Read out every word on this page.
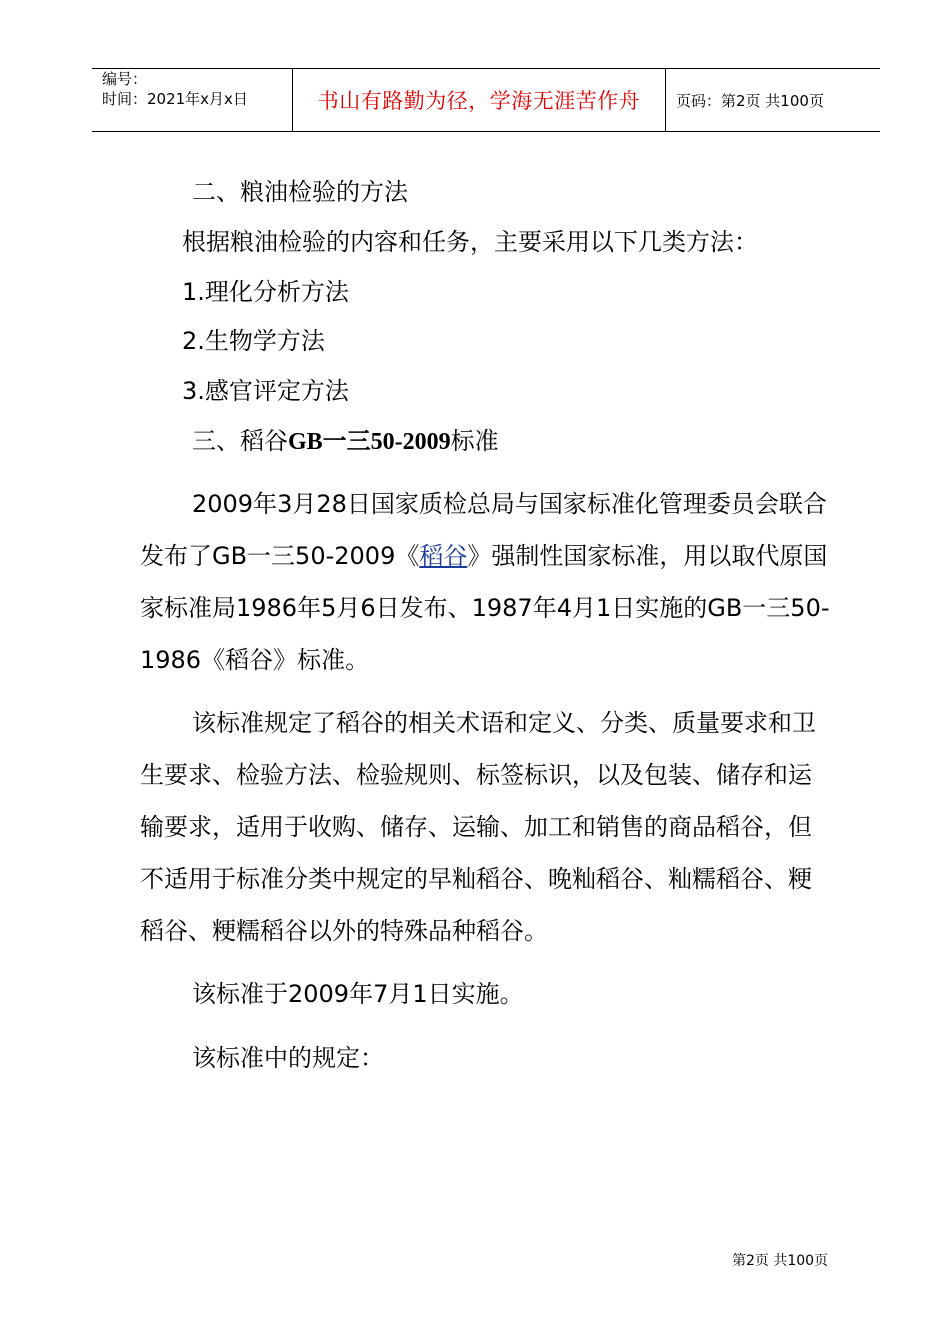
编号：
时间：2021年x月x日	书山有路勤为径，学海无涯苦作舟	页码：第2页 共100页
二、粮油检验的方法
根据粮油检验的内容和任务，主要采用以下几类方法：
1.理化分析方法
2.生物学方法
3.感官评定方法
三、稻谷GB一三50-2009标准
2009年3月28日国家质检总局与国家标准化管理委员会联合
发布了GB一三50-2009《稻谷》强制性国家标准，用以取代原国
家标准局1986年5月6日发布、1987年4月1日实施的GB一三50-
1986《稻谷》标准。
该标准规定了稻谷的相关术语和定义、分类、质量要求和卫
生要求、检验方法、检验规则、标签标识，以及包装、储存和运
输要求，适用于收购、储存、运输、加工和销售的商品稻谷，但
不适用于标准分类中规定的早籼稻谷、晚籼稻谷、籼糯稻谷、粳
稻谷、粳糯稻谷以外的特殊品种稻谷。
该标准于2009年7月1日实施。
该标准中的规定：
第2页 共100页
